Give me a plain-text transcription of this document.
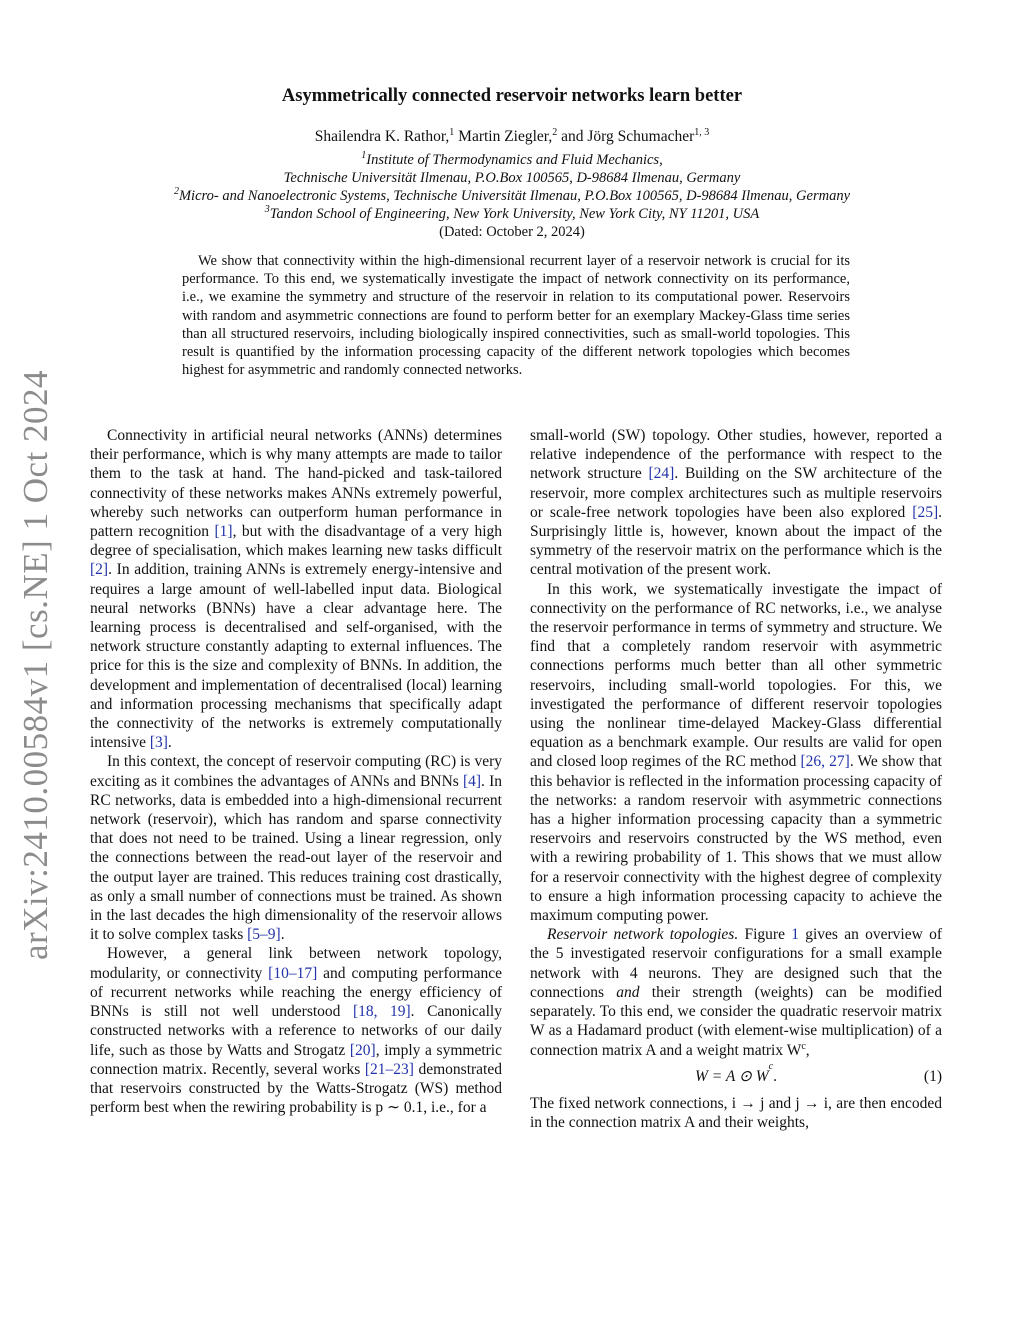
arXiv:2410.00584v1 [cs.NE] 1 Oct 2024
Asymmetrically connected reservoir networks learn better
Shailendra K. Rathor,$^1$ Martin Ziegler,$^2$ and Jörg Schumacher$^{1, 3}$
$^1$Institute of Thermodynamics and Fluid Mechanics,
Technische Universität Ilmenau, P.O.Box 100565, D-98684 Ilmenau, Germany
$^2$Micro- and Nanoelectronic Systems, Technische Universität Ilmenau, P.O.Box 100565, D-98684 Ilmenau, Germany
$^3$Tandon School of Engineering, New York University, New York City, NY 11201, USA
(Dated: October 2, 2024)
We show that connectivity within the high-dimensional recurrent layer of a reservoir network is crucial for its performance. To this end, we systematically investigate the impact of network connectivity on its performance, i.e., we examine the symmetry and structure of the reservoir in relation to its computational power. Reservoirs with random and asymmetric connections are found to perform better for an exemplary Mackey-Glass time series than all structured reservoirs, including biologically inspired connectivities, such as small-world topologies. This result is quantified by the information processing capacity of the different network topologies which becomes highest for asymmetric and randomly connected networks.

Connectivity in artificial neural networks (ANNs) determines their performance, which is why many attempts are made to tailor them to the task at hand. The hand-picked and task-tailored connectivity of these networks makes ANNs extremely powerful, whereby such networks can outperform human performance in pattern recognition [1], but with the disadvantage of a very high degree of specialisation, which makes learning new tasks difficult [2]. In addition, training ANNs is extremely energy-intensive and requires a large amount of well-labelled input data. Biological neural networks (BNNs) have a clear advantage here. The learning process is decentralised and self-organised, with the network structure constantly adapting to external influences. The price for this is the size and complexity of BNNs. In addition, the development and implementation of decentralised (local) learning and information processing mechanisms that specifically adapt the connectivity of the networks is extremely computationally intensive [3].

In this context, the concept of reservoir computing (RC) is very exciting as it combines the advantages of ANNs and BNNs [4]. In RC networks, data is embedded into a high-dimensional recurrent network (reservoir), which has random and sparse connectivity that does not need to be trained. Using a linear regression, only the connections between the read-out layer of the reservoir and the output layer are trained. This reduces training cost drastically, as only a small number of connections must be trained. As shown in the last decades the high dimensionality of the reservoir allows it to solve complex tasks [5–9].

However, a general link between network topology, modularity, or connectivity [10–17] and computing performance of recurrent networks while reaching the energy efficiency of BNNs is still not well understood [18, 19]. Canonically constructed networks with a reference to networks of our daily life, such as those by Watts and Strogatz [20], imply a symmetric connection matrix. Recently, several works [21–23] demonstrated that reservoirs constructed by the Watts-Strogatz (WS) method perform best when the rewiring probability is p ∼ 0.1, i.e., for a

small-world (SW) topology. Other studies, however, reported a relative independence of the performance with respect to the network structure [24]. Building on the SW architecture of the reservoir, more complex architectures such as multiple reservoirs or scale-free network topologies have been also explored [25]. Surprisingly little is, however, known about the impact of the symmetry of the reservoir matrix on the performance which is the central motivation of the present work.

In this work, we systematically investigate the impact of connectivity on the performance of RC networks, i.e., we analyse the reservoir performance in terms of symmetry and structure. We find that a completely random reservoir with asymmetric connections performs much better than all other symmetric reservoirs, including small-world topologies. For this, we investigated the performance of different reservoir topologies using the nonlinear time-delayed Mackey-Glass differential equation as a benchmark example. Our results are valid for open and closed loop regimes of the RC method [26, 27]. We show that this behavior is reflected in the information processing capacity of the networks: a random reservoir with asymmetric connections has a higher information processing capacity than a symmetric reservoirs and reservoirs constructed by the WS method, even with a rewiring probability of 1. This shows that we must allow for a reservoir connectivity with the highest degree of complexity to ensure a high information processing capacity to achieve the maximum computing power.

Reservoir network topologies. Figure 1 gives an overview of the 5 investigated reservoir configurations for a small example network with 4 neurons. They are designed such that the connections and their strength (weights) can be modified separately. To this end, we consider the quadratic reservoir matrix W as a Hadamard product (with element-wise multiplication) of a connection matrix A and a weight matrix $W^c$,

W = A ⊙ W
c
.	(1)

The fixed network connections, i → j and j → i, are then encoded in the connection matrix A and their weights,
